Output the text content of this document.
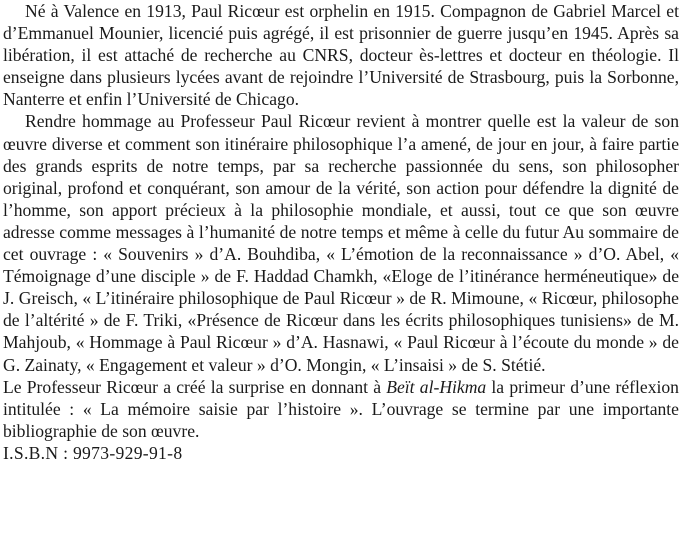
Né à Valence en 1913, Paul Ricœur est orphelin en 1915. Compagnon de Gabriel Marcel et d’Emmanuel Mounier, licencié puis agrégé, il est prisonnier de guerre jusqu’en 1945. Après sa libération, il est attaché de recherche au CNRS, docteur ès-lettres et docteur en théologie. Il enseigne dans plusieurs lycées avant de rejoindre l’Université de Strasbourg, puis la Sorbonne, Nanterre et enfin l’Université de Chicago.

Rendre hommage au Professeur Paul Ricœur revient à montrer quelle est la valeur de son œuvre diverse et comment son itinéraire philosophique l’a amené, de jour en jour, à faire partie des grands esprits de notre temps, par sa recherche passionnée du sens, son philosopher original, profond et conquérant, son amour de la vérité, son action pour défendre la dignité de l’homme, son apport précieux à la philosophie mondiale, et aussi, tout ce que son œuvre adresse comme messages à l’humanité de notre temps et même à celle du futur Au sommaire de cet ouvrage : « Souvenirs » d’A. Bouhdiba, « L’émotion de la reconnaissance » d’O. Abel, « Témoignage d’une disciple » de F. Haddad Chamkh, «Eloge de l’itinérance herméneutique» de J. Greisch, « L’itinéraire philosophique de Paul Ricœur » de R. Mimoune, « Ricœur, philosophe de l’altérité » de F. Triki, «Présence de Ricœur dans les écrits philosophiques tunisiens» de M. Mahjoub, « Hommage à Paul Ricœur » d’A. Hasnawi, « Paul Ricœur à l’écoute du monde » de G. Zainaty, « Engagement et valeur » d’O. Mongin, « L’insaisi » de S. Stétié.

Le Professeur Ricœur a créé la surprise en donnant à Beït al-Hikma la primeur d’une réflexion intitulée : « La mémoire saisie par l’histoire ». L’ouvrage se termine par une importante bibliographie de son œuvre.

I.S.B.N : 9973-929-91-8
